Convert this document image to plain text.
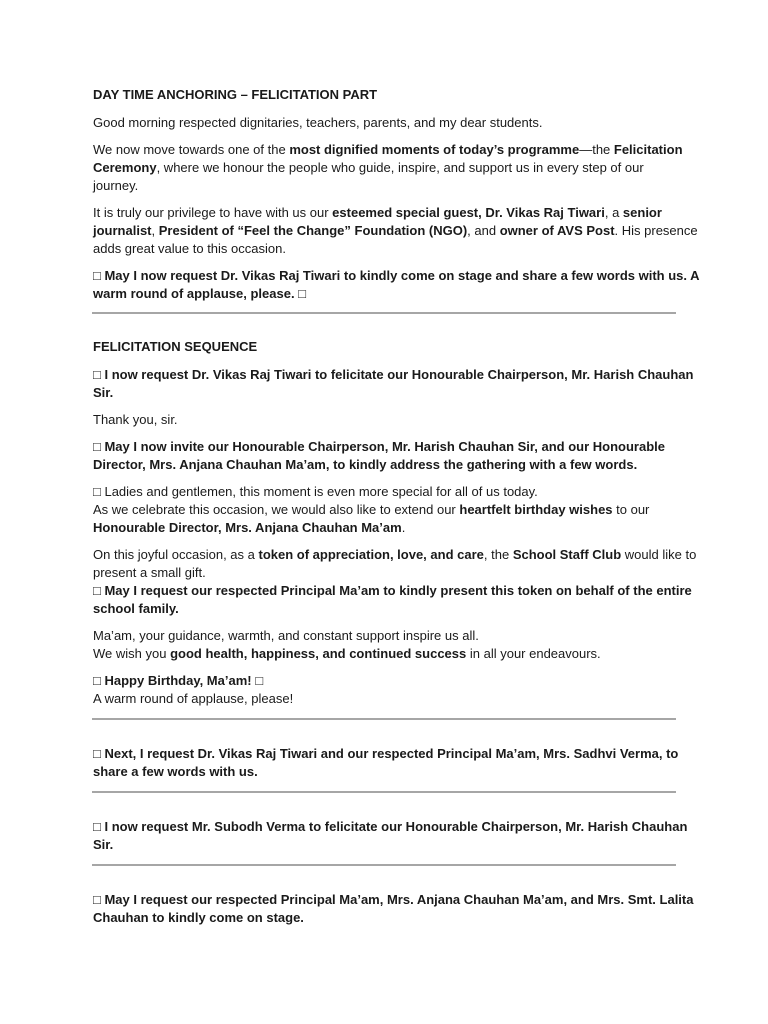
DAY TIME ANCHORING – FELICITATION PART
Good morning respected dignitaries, teachers, parents, and my dear students.
We now move towards one of the most dignified moments of today’s programme—the Felicitation
Ceremony, where we honour the people who guide, inspire, and support us in every step of our
journey.
It is truly our privilege to have with us our esteemed special guest, Dr. Vikas Raj Tiwari, a senior
journalist, President of “Feel the Change” Foundation (NGO), and owner of AVS Post. His presence
adds great value to this occasion.
□ May I now request Dr. Vikas Raj Tiwari to kindly come on stage and share a few words with us. A
warm round of applause, please. □
FELICITATION SEQUENCE
□ I now request Dr. Vikas Raj Tiwari to felicitate our Honourable Chairperson, Mr. Harish Chauhan
Sir.
Thank you, sir.
□ May I now invite our Honourable Chairperson, Mr. Harish Chauhan Sir, and our Honourable
Director, Mrs. Anjana Chauhan Ma’am, to kindly address the gathering with a few words.
□ Ladies and gentlemen, this moment is even more special for all of us today.
As we celebrate this occasion, we would also like to extend our heartfelt birthday wishes to our
Honourable Director, Mrs. Anjana Chauhan Ma’am.
On this joyful occasion, as a token of appreciation, love, and care, the School Staff Club would like to
present a small gift.
□ May I request our respected Principal Ma’am to kindly present this token on behalf of the entire
school family.
Ma’am, your guidance, warmth, and constant support inspire us all.
We wish you good health, happiness, and continued success in all your endeavours.
□ Happy Birthday, Ma’am! □
A warm round of applause, please!
□ Next, I request Dr. Vikas Raj Tiwari and our respected Principal Ma’am, Mrs. Sadhvi Verma, to
share a few words with us.
□ I now request Mr. Subodh Verma to felicitate our Honourable Chairperson, Mr. Harish Chauhan
Sir.
□ May I request our respected Principal Ma’am, Mrs. Anjana Chauhan Ma’am, and Mrs. Smt. Lalita
Chauhan to kindly come on stage.
